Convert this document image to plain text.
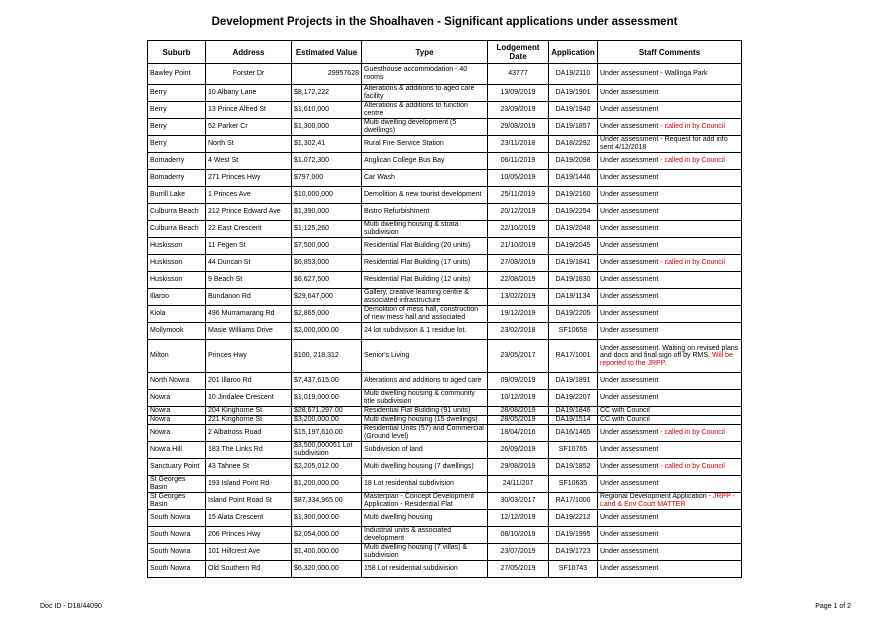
Development Projects in the Shoalhaven - Significant applications under assessment
Suburb	Address	Estimated Value	Type	Lodgement Date	Application	Staff Comments
Bawley Point	Forster Dr	29957628	Guesthouse accommodation - 40 rooms	43777	DA19/2110	Under assessment - Wallinga Park
Berry	10 Albany Lane	$8,172,222	Alterations & additions to aged care facility	13/09/2019	DA19/1901	Under assessment
Berry	13 Prince Alfred St	$1,610,000	Alterations & additions to function centre	23/09/2019	DA19/1940	Under assessment
Berry	52 Parker Cr	$1,300,000	Multi dwelling development (5 dwellings)	29/08/2019	DA19/1857	Under assessment - called in by Council
Berry	North St	$1,302,41	Rural Fire Service Station	23/11/2018	DA18/2292	Under assessment - Request for add info sent 4/12/2018
Bomaderry	4 West St	$1,072,300	Anglican College Bus Bay	06/11/2019	DA19/2098	Under assessment - called in by Council
Bomaderry	271 Princes Hwy	$797,000	Car Wash	10/05/2019	DA19/1446	Under assessment
Burrill Lake	1 Princes Ave	$10,000,000	Demolition & new tourist development	25/11/2019	DA19/2160	Under assessment
Culburra Beach	212 Prince Edward Ave	$1,390,000	Bistro Refurbishment	20/12/2019	DA19/2254	Under assessment
Culburra Beach	22 East Crescent	$1,125,260	Multi dwelling housing & strata subdivision	22/10/2019	DA19/2048	Under assessment
Huskisson	11 Fegen St	$7,500,000	Residential Flat Building (20 units)	21/10/2019	DA19/2045	Under assessment
Huskisson	44 Duncan St	$6,853,000	Residential Flat Building (17 units)	27/08/2019	DA19/1841	Under assessment - called in by Council
Huskisson	9 Beach St	$6,627,500	Residential Flat Building (12 units)	22/08/2019	DA19/1830	Under assessment
Illaroo	Bundanon Rd	$29,647,000	Gallery, creative learning centre & associated infrastructure	13/02/2019	DA19/1134	Under assessment
Kiola	496 Murramarang Rd	$2,865,000	Demolition of mess hall, construction of new mess hall and associated	19/12/2019	DA19/2205	Under assessment
Mollymook	Masie Williams Drive	$2,000,000.00	24 lot subdivision & 1 residue lot.	23/02/2018	SF10658	Under assessment
Milton	Princes Hwy	$100, 218,312	Senior's Living	23/05/2017	RA17/1001	Under assessment. Waiting on revised plans and docs and final sign off by RMS. Will be reported to the JRPP.
North Nowra	201 Illaroo Rd	$7,437,615.00	Alterations and additions to aged care	09/09/2019	DA19/1891	Under assessment
Nowra	10 Jindalee Crescent	$1,019,000.00	Multi dwelling housing & community title subdivision	10/12/2019	DA19/2207	Under assessment
Nowra	204 Kinghorne St	$28,671,297.00	Residential Flat Building (91 units)	28/08/2019	DA19/1846	CC with Council
Nowra	221 Kinghorne St	$3,200,000.00	Multi dwelling housing (15 dwellings)	28/05/2019	DA19/1514	CC with Council
Nowra	2 Albatross Road	$15,197,610.00	Residential Units (57) and Commercial (Ground level)	18/04/2016	DA16/1465	Under assessment - called in by Council
Nowra Hill	183 The Links Rd	$3,500,000051 Lot subdivision	Subdivision of land	26/09/2019	SF10765	Under assessment
Sanctuary Point	43 Tahnee St	$2,205,012.00	Multi dwelling housing (7 dwellings)	29/08/2019	DA19/1852	Under assessment - called in by Council
St Georges Basin	193 Island Point Rd	$1,200,000.00	18 Lot residential subdivision	24/11/207	SF10635	Under assessment
St Georges Basin	Island Point Road St	$87,334,965.00	Masterplan - Concept Development Application - Residential Flat	30/03/2017	RA17/1000	Regional Development Application - JRPP - Land & Env Court MATTER
South Nowra	15 Alata Crescent	$1,300,000.00	Multi dwelling housing	12/12/2019	DA19/2212	Under assessment
South Nowra	206 Princes Hwy	$2,054,000.00	Industrial units & associated development	08/10/2019	DA19/1995	Under assessment
South Nowra	101 Hillcrest Ave	$1,400,000.00	Multi dwelling housing (7 villas) & subdivision	23/07/2019	DA19/1723	Under assessment
South Nowra	Old Southern Rd	$6,320,000.00	158 Lot residential subdivision	27/05/2019	SF10743	Under assessment
Doc ID - D18/44090	Page 1 of 2
